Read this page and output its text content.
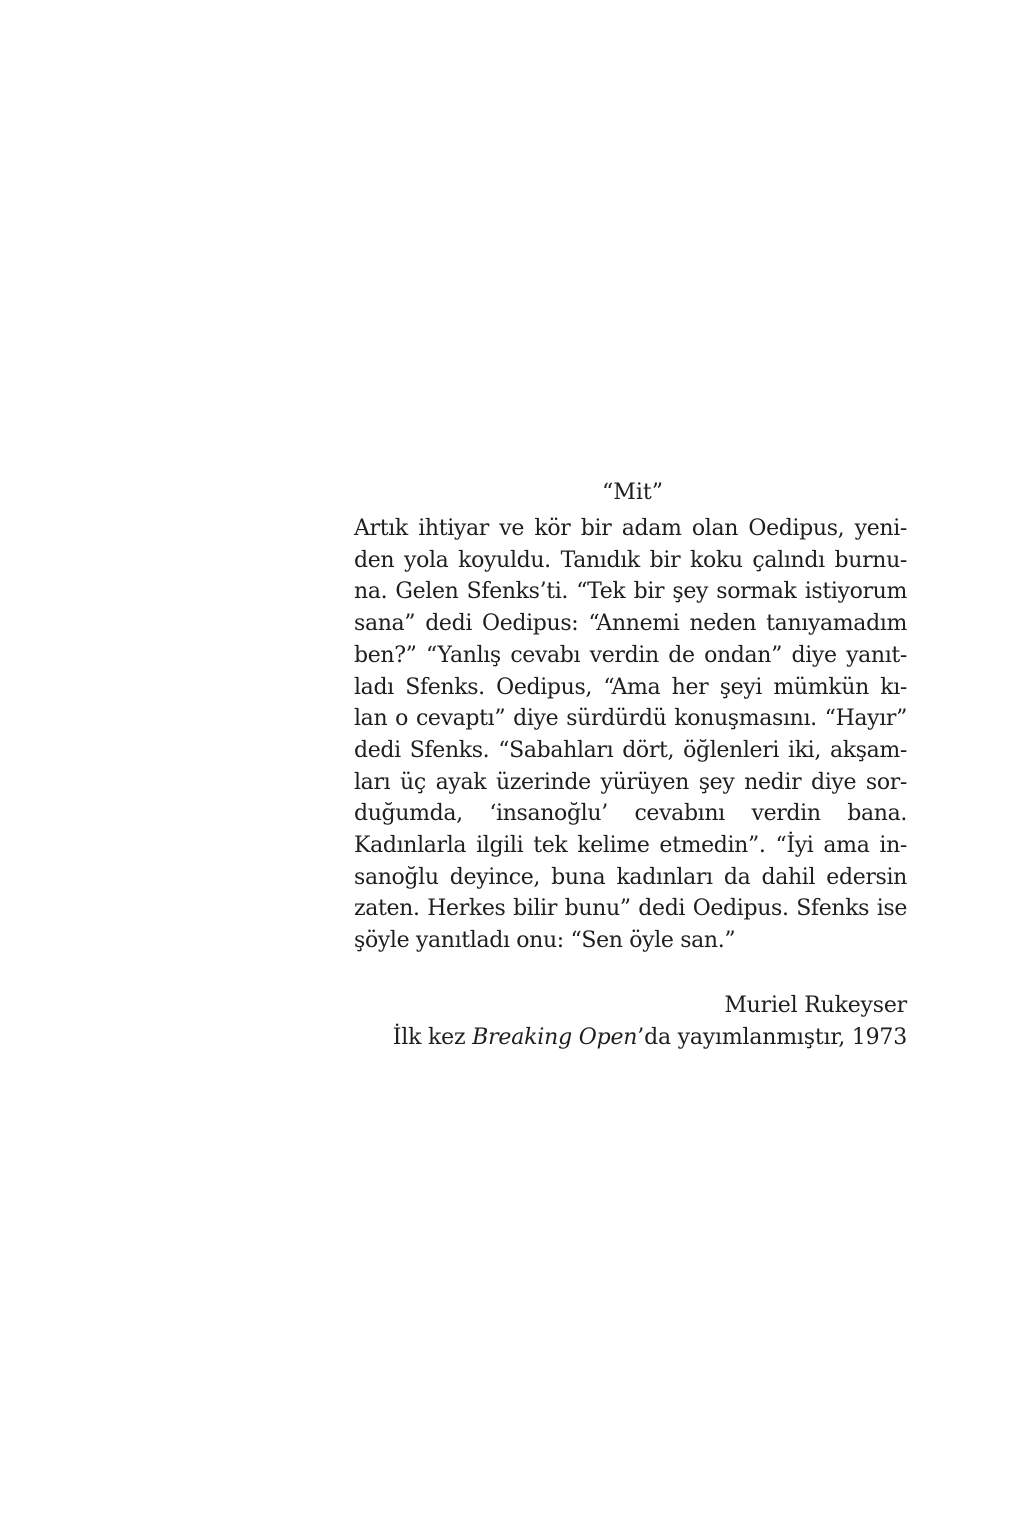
“Mit”
Artık ihtiyar ve kör bir adam olan Oedipus, yeni-
den yola koyuldu. Tanıdık bir koku çalındı burnu-
na. Gelen Sfenks’ti. “Tek bir şey sormak istiyorum
sana” dedi Oedipus: “Annemi neden tanıyamadım
ben?” “Yanlış cevabı verdin de ondan” diye yanıt-
ladı Sfenks. Oedipus, “Ama her şeyi mümkün kı-
lan o cevaptı” diye sürdürdü konuşmasını. “Hayır”
dedi Sfenks. “Sabahları dört, öğlenleri iki, akşam-
ları üç ayak üzerinde yürüyen şey nedir diye sor-
duğumda, ‘insanoğlu’ cevabını verdin bana.
Kadınlarla ilgili tek kelime etmedin”. “İyi ama in-
sanoğlu deyince, buna kadınları da dahil edersin
zaten. Herkes bilir bunu” dedi Oedipus. Sfenks ise
şöyle yanıtladı onu: “Sen öyle san.”
Muriel Rukeyser
İlk kez Breaking Open’da yayımlanmıştır, 1973
